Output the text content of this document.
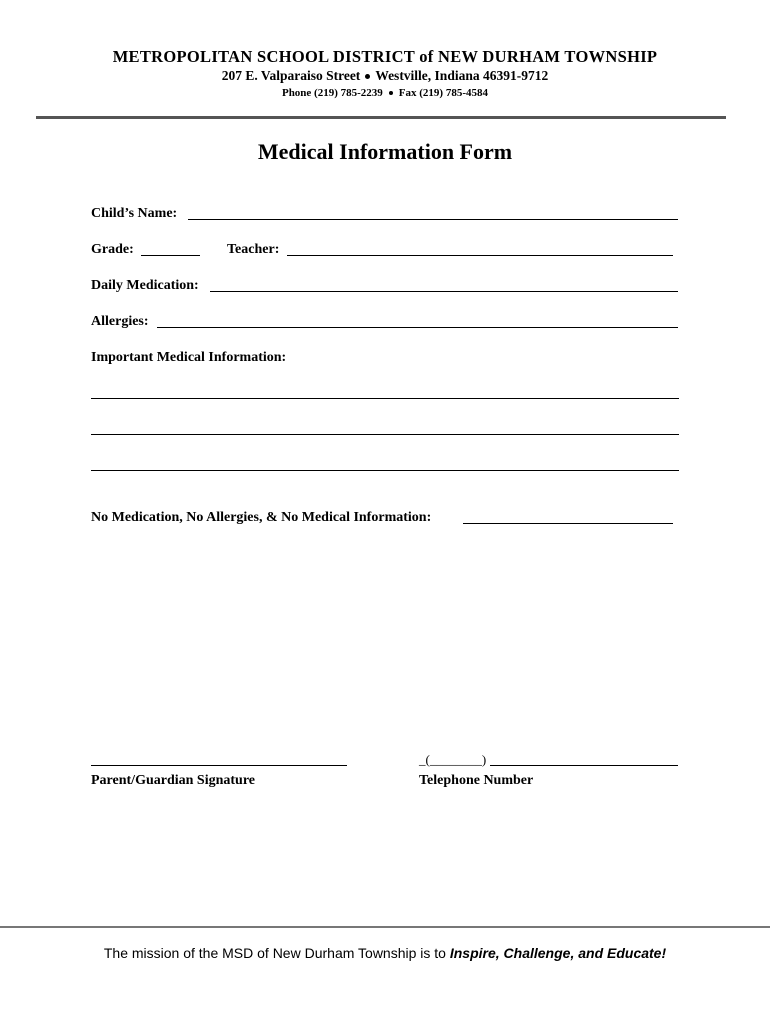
METROPOLITAN SCHOOL DISTRICT of NEW DURHAM TOWNSHIP
207 E. Valparaiso Street Westville, Indiana 46391-9712
Phone (219) 785-2239 Fax (219) 785-4584
Medical Information Form
Child’s Name:
Grade:	Teacher:
Daily Medication:
Allergies:
Important Medical Information:
No Medication, No Allergies, & No Medical Information:
Parent/Guardian Signature
_(________)
Telephone Number
The mission of the MSD of New Durham Township is to Inspire, Challenge, and Educate!
